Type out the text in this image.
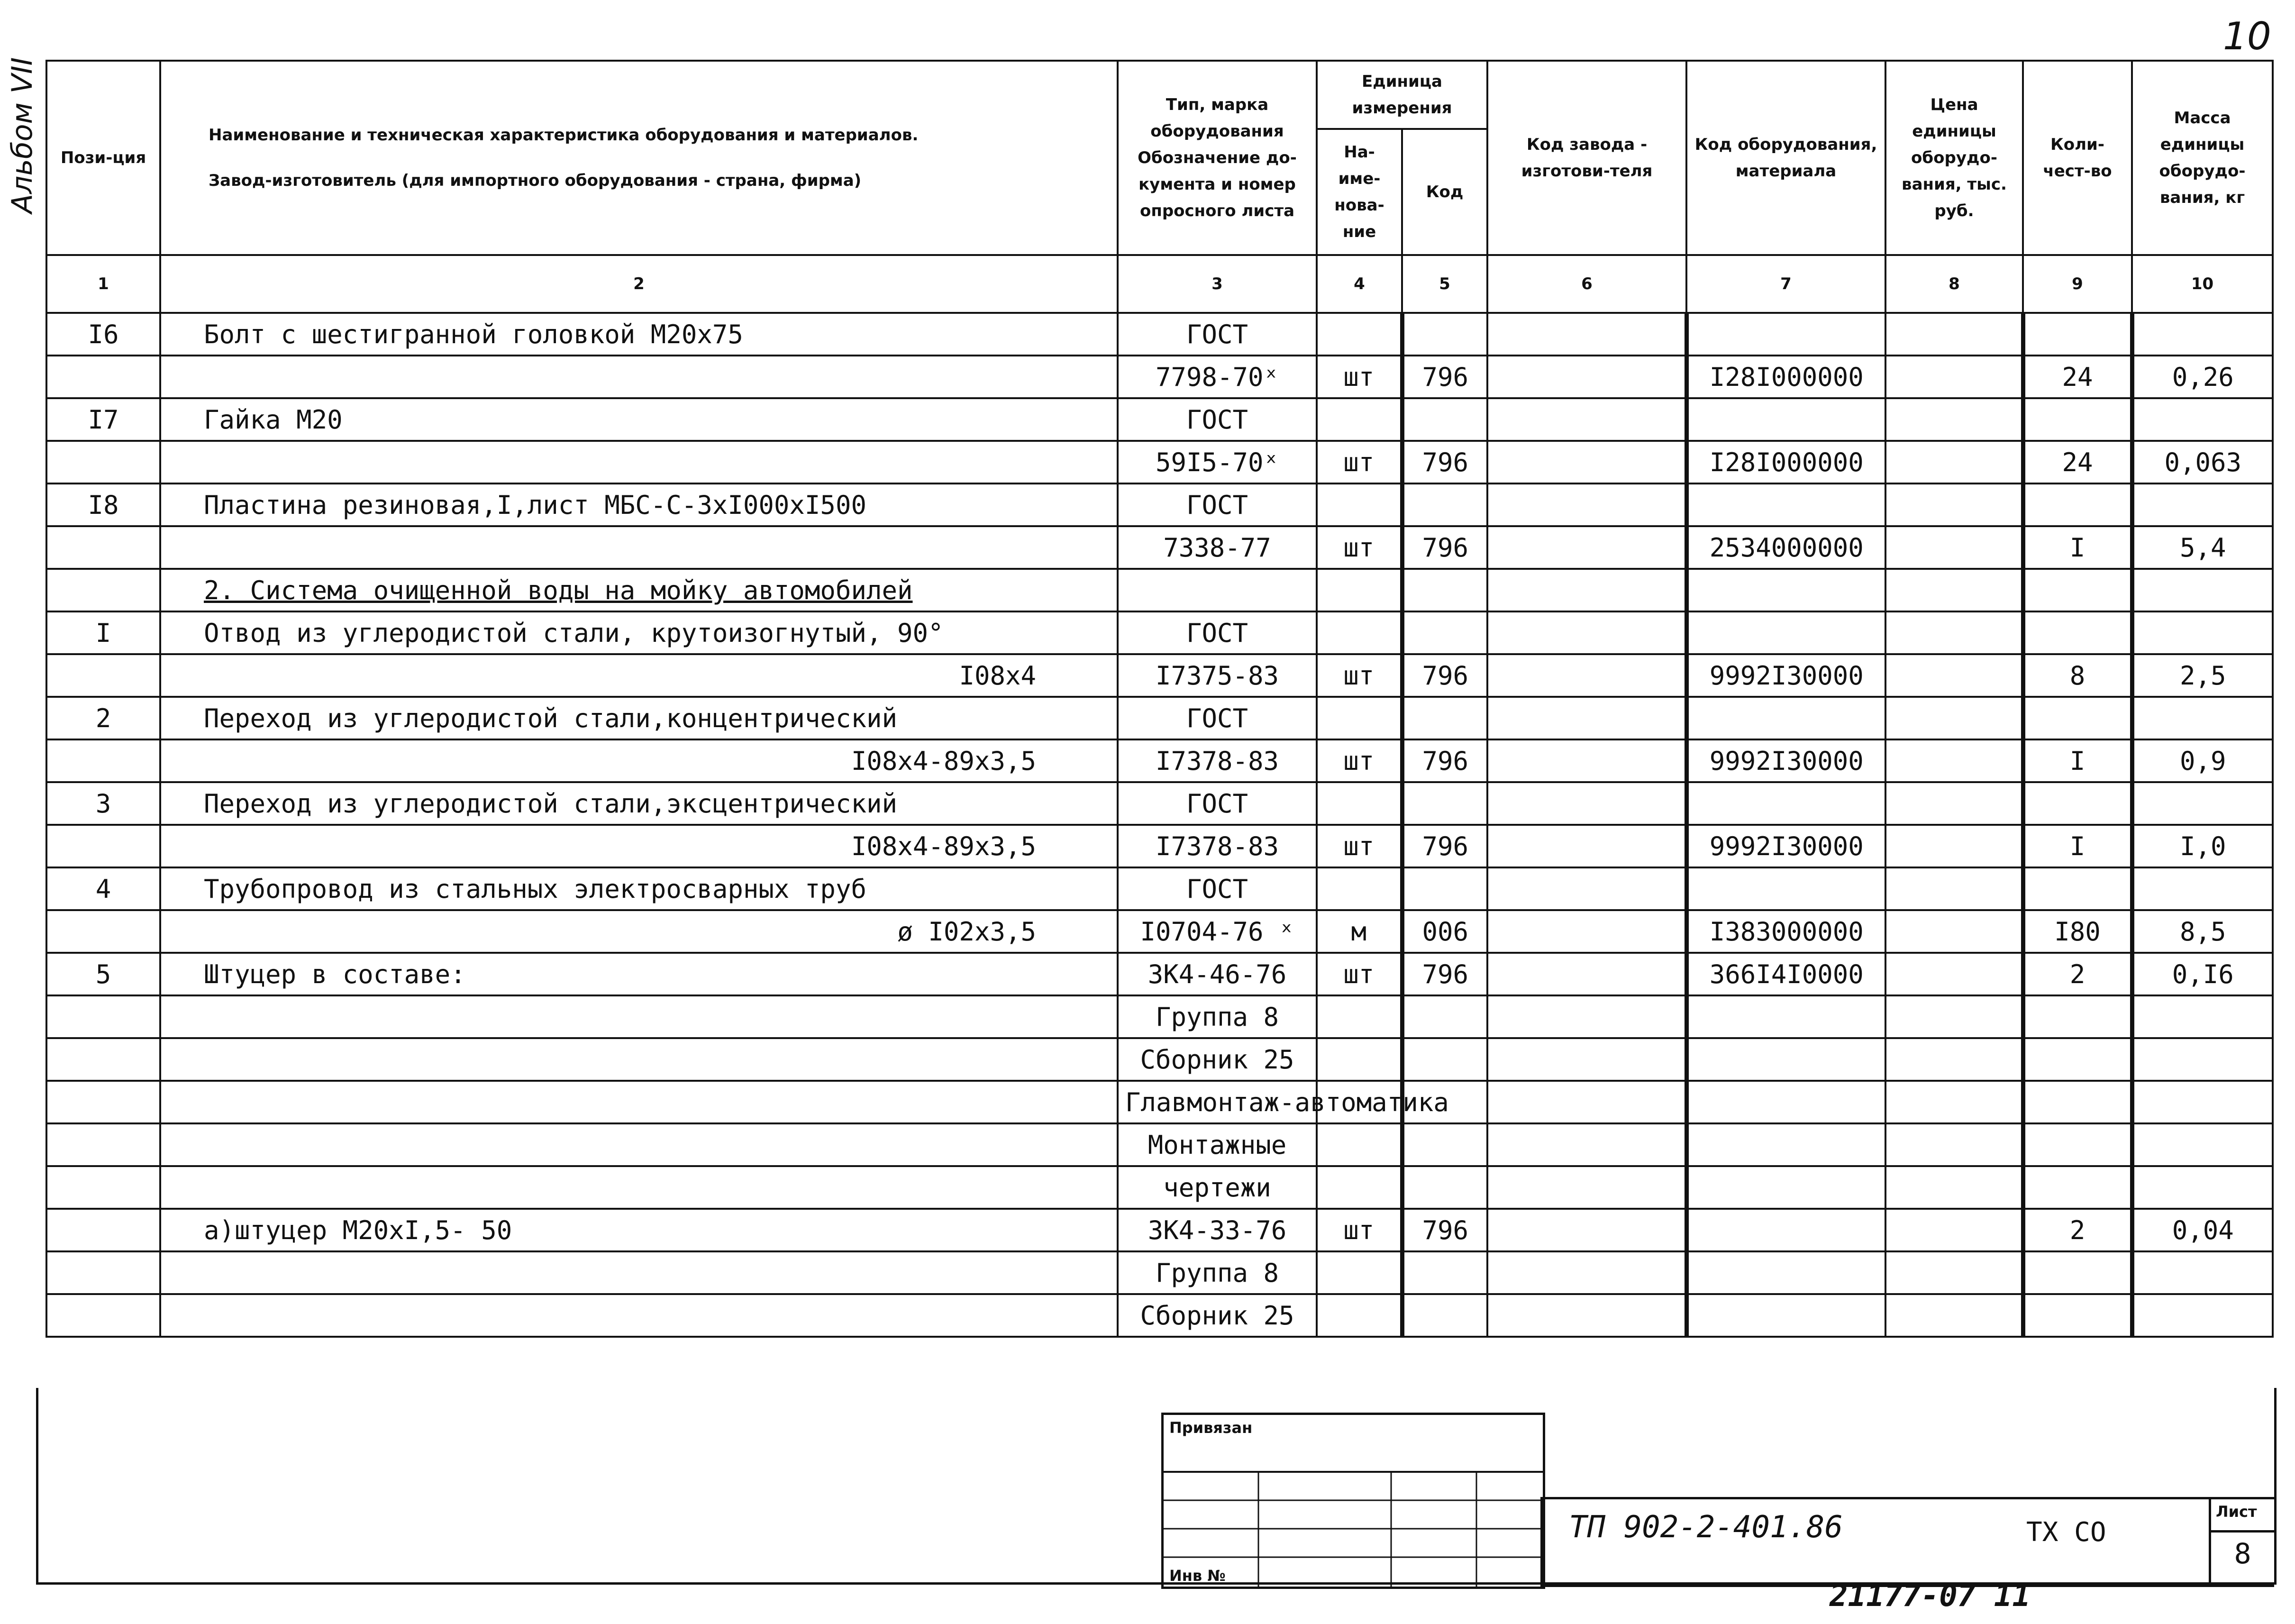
10
Альбом VII Пози-ция	Наименование и техническая характеристика оборудования и материалов.
Завод-изготовитель (для импортного оборудования - страна, фирма)	Тип, марка оборудования Обозначение до-кумента и номер опросного листа	Единица измерения		Код завода - изготови-теля	Код оборудования, материала	Цена единицы оборудо-вания, тыс. руб.	Коли-чест-во	Масса единицы оборудо-вания, кг
			На-име-нова-ние	Код					
1	2	3	4	5	6	7	8	9	10
I6	Болт с шестигранной головкой М20х75	ГОСТ							
		7798-70ˣ	шт	796		I28I000000		24	0,26
I7	Гайка М20	ГОСТ							
		59I5-70ˣ	шт	796		I28I000000		24	0,063
I8	Пластина резиновая,I,лист МБС-С-3хI000хI500	ГОСТ							
		7338-77	шт	796		2534000000		I	5,4
	2. Система очищенной воды на мойку автомобилей								
I	Отвод из углеродистой стали, крутоизогнутый, 90°	ГОСТ							
	I08х4	I7375-83	шт	796		9992I30000		8	2,5
2	Переход из углеродистой стали,концентрический	ГОСТ							
	I08х4-89х3,5	I7378-83	шт	796		9992I30000		I	0,9
3	Переход из углеродистой стали,эксцентрический	ГОСТ							
	I08х4-89х3,5	I7378-83	шт	796		9992I30000		I	I,0
4	Трубопровод из стальных электросварных труб	ГОСТ							
	ø I02х3,5	I0704-76 ˣ	м	006		I383000000		I80	8,5
5	Штуцер в составе:	3К4-46-76	шт	796		366I4I0000		2	0,I6
		Группа 8							
		Сборник 25							
		Главмонтаж-автоматика							
		Монтажные							
		чертежи							
	а)штуцер М20хI,5- 50	3К4-33-76	шт	796				2	0,04
		Группа 8							
		Сборник 25							
Привязан
Инв №
ТП 902-2-401.86	ТХ СО
Лист
8
21177-07 11
